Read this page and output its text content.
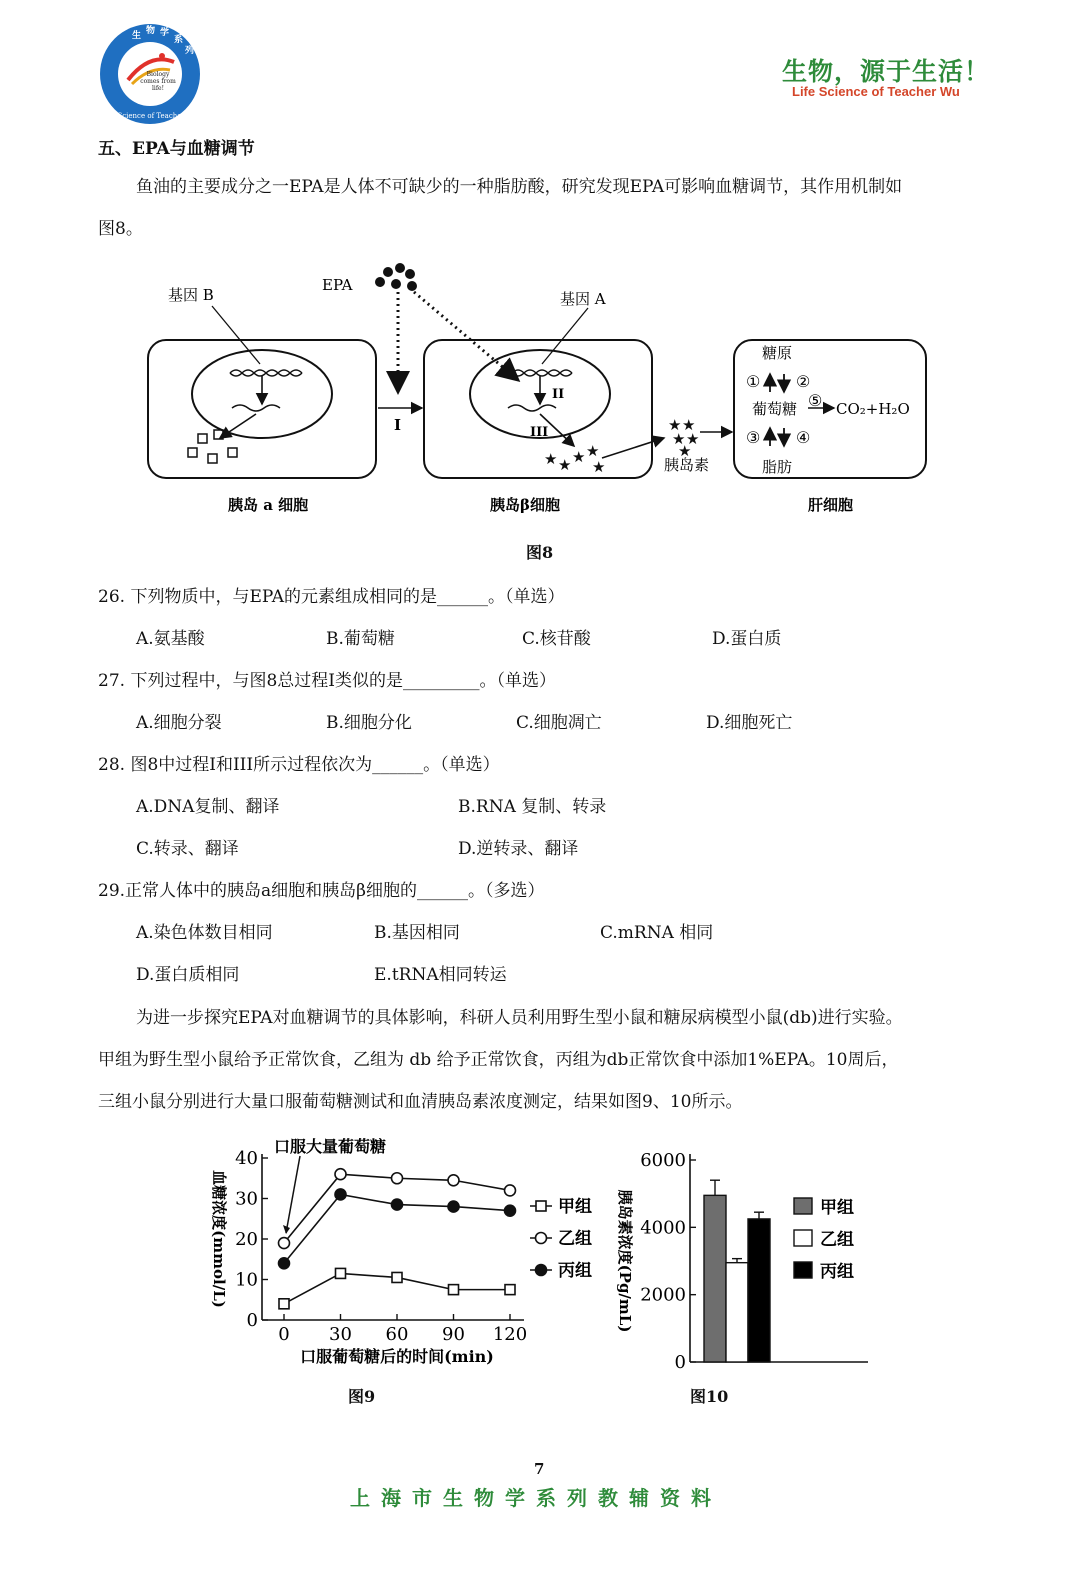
Biology
comes from
life!
生 物 学
系
列
Life Science of Teacher Wu
生物，源于生活！
Life Science of Teacher Wu
五、EPA与血糖调节
鱼油的主要成分之一EPA是人体不可缺少的一种脂肪酸，研究发现EPA可影响血糖调节，其作用机制如
图8。
★ ★ ★ ★
★
★ ★
★ ★
★
基因 B
EPA
基因 A
I
II
III
胰岛素
糖原
① ②
葡萄糖 ⑤ CO₂+H₂O
③ ④
脂肪
胰岛 a 细胞	胰岛β细胞	肝细胞
图8
26. 下列物质中，与EPA的元素组成相同的是______。（单选）
A.氨基酸	B.葡萄糖	C.核苷酸	D.蛋白质
27. 下列过程中，与图8总过程I类似的是_________。（单选）
A.细胞分裂	B.细胞分化	C.细胞凋亡	D.细胞死亡
28. 图8中过程I和III所示过程依次为______。（单选）
A.DNA复制、翻译	B.RNA 复制、转录
C.转录、翻译	D.逆转录、翻译
29.正常人体中的胰岛a细胞和胰岛β细胞的______。（多选）
A.染色体数目相同	B.基因相同	C.mRNA 相同
D.蛋白质相同	E.tRNA相同转运
为进一步探究EPA对血糖调节的具体影响，科研人员利用野生型小鼠和糖尿病模型小鼠(db)进行实验。
甲组为野生型小鼠给予正常饮食，乙组为 db 给予正常饮食，丙组为db正常饮食中添加1%EPA。10周后，
三组小鼠分别进行大量口服葡萄糖测试和血清胰岛素浓度测定，结果如图9、10所示。
0
10
20
30
40
0 30 60 90 120
口服葡萄糖后的时间(min)
血糖浓度(mmol/L)
口服大量葡萄糖
甲组
乙组
丙组
图9
0
2000
4000
6000
胰岛素浓度(Pg/mL)	甲组
乙组
丙组
图10
7
上海市生物学系列教辅资料
